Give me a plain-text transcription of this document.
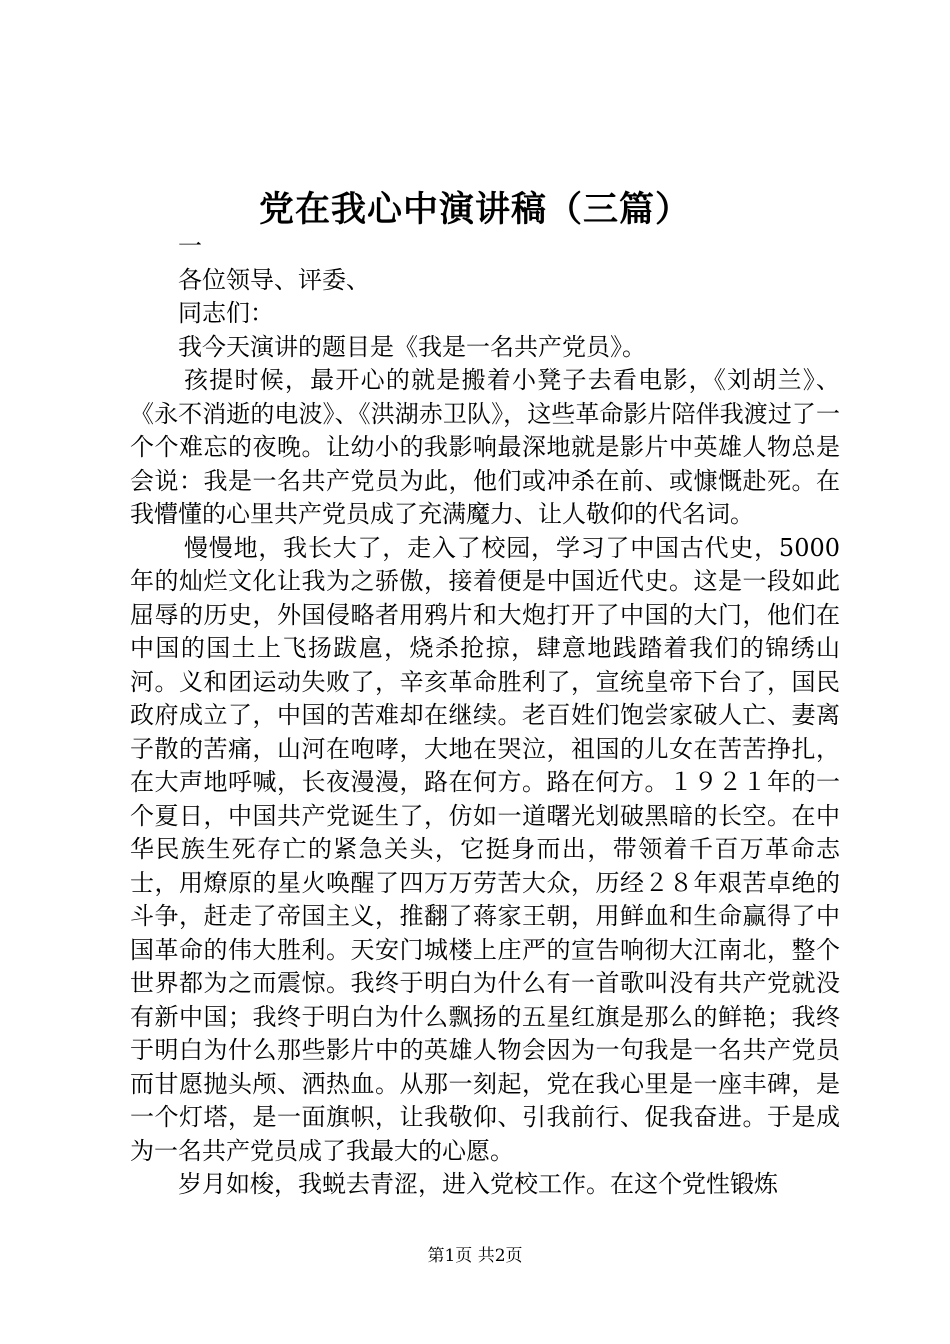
党在我心中演讲稿（三篇）

一

各位领导、评委、

同志们：

我今天演讲的题目是《我是一名共产党员》。

孩提时候，最开心的就是搬着小凳子去看电影，《刘胡兰》、《永不消逝的电波》、《洪湖赤卫队》，这些革命影片陪伴我渡过了一个个难忘的夜晚。让幼小的我影响最深地就是影片中英雄人物总是会说：我是一名共产党员为此，他们或冲杀在前、或慷慨赴死。在我懵懂的心里共产党员成了充满魔力、让人敬仰的代名词。

慢慢地，我长大了，走入了校园，学习了中国古代史，5000年的灿烂文化让我为之骄傲，接着便是中国近代史。这是一段如此屈辱的历史，外国侵略者用鸦片和大炮打开了中国的大门，他们在中国的国土上飞扬跋扈，烧杀抢掠，肆意地践踏着我们的锦绣山河。义和团运动失败了，辛亥革命胜利了，宣统皇帝下台了，国民政府成立了，中国的苦难却在继续。老百姓们饱尝家破人亡、妻离子散的苦痛，山河在咆哮，大地在哭泣，祖国的儿女在苦苦挣扎，在大声地呼喊，长夜漫漫，路在何方。路在何方。１９２１年的一个夏日，中国共产党诞生了，仿如一道曙光划破黑暗的长空。在中华民族生死存亡的紧急关头，它挺身而出，带领着千百万革命志士，用燎原的星火唤醒了四万万劳苦大众，历经２８年艰苦卓绝的斗争，赶走了帝国主义，推翻了蒋家王朝，用鲜血和生命赢得了中国革命的伟大胜利。天安门城楼上庄严的宣告响彻大江南北，整个世界都为之而震惊。我终于明白为什么有一首歌叫没有共产党就没有新中国；我终于明白为什么飘扬的五星红旗是那么的鲜艳；我终于明白为什么那些影片中的英雄人物会因为一句我是一名共产党员而甘愿抛头颅、洒热血。从那一刻起，党在我心里是一座丰碑，是一个灯塔，是一面旗帜，让我敬仰、引我前行、促我奋进。于是成为一名共产党员成了我最大的心愿。

岁月如梭，我蜕去青涩，进入党校工作。在这个党性锻炼

第1页 共2页
